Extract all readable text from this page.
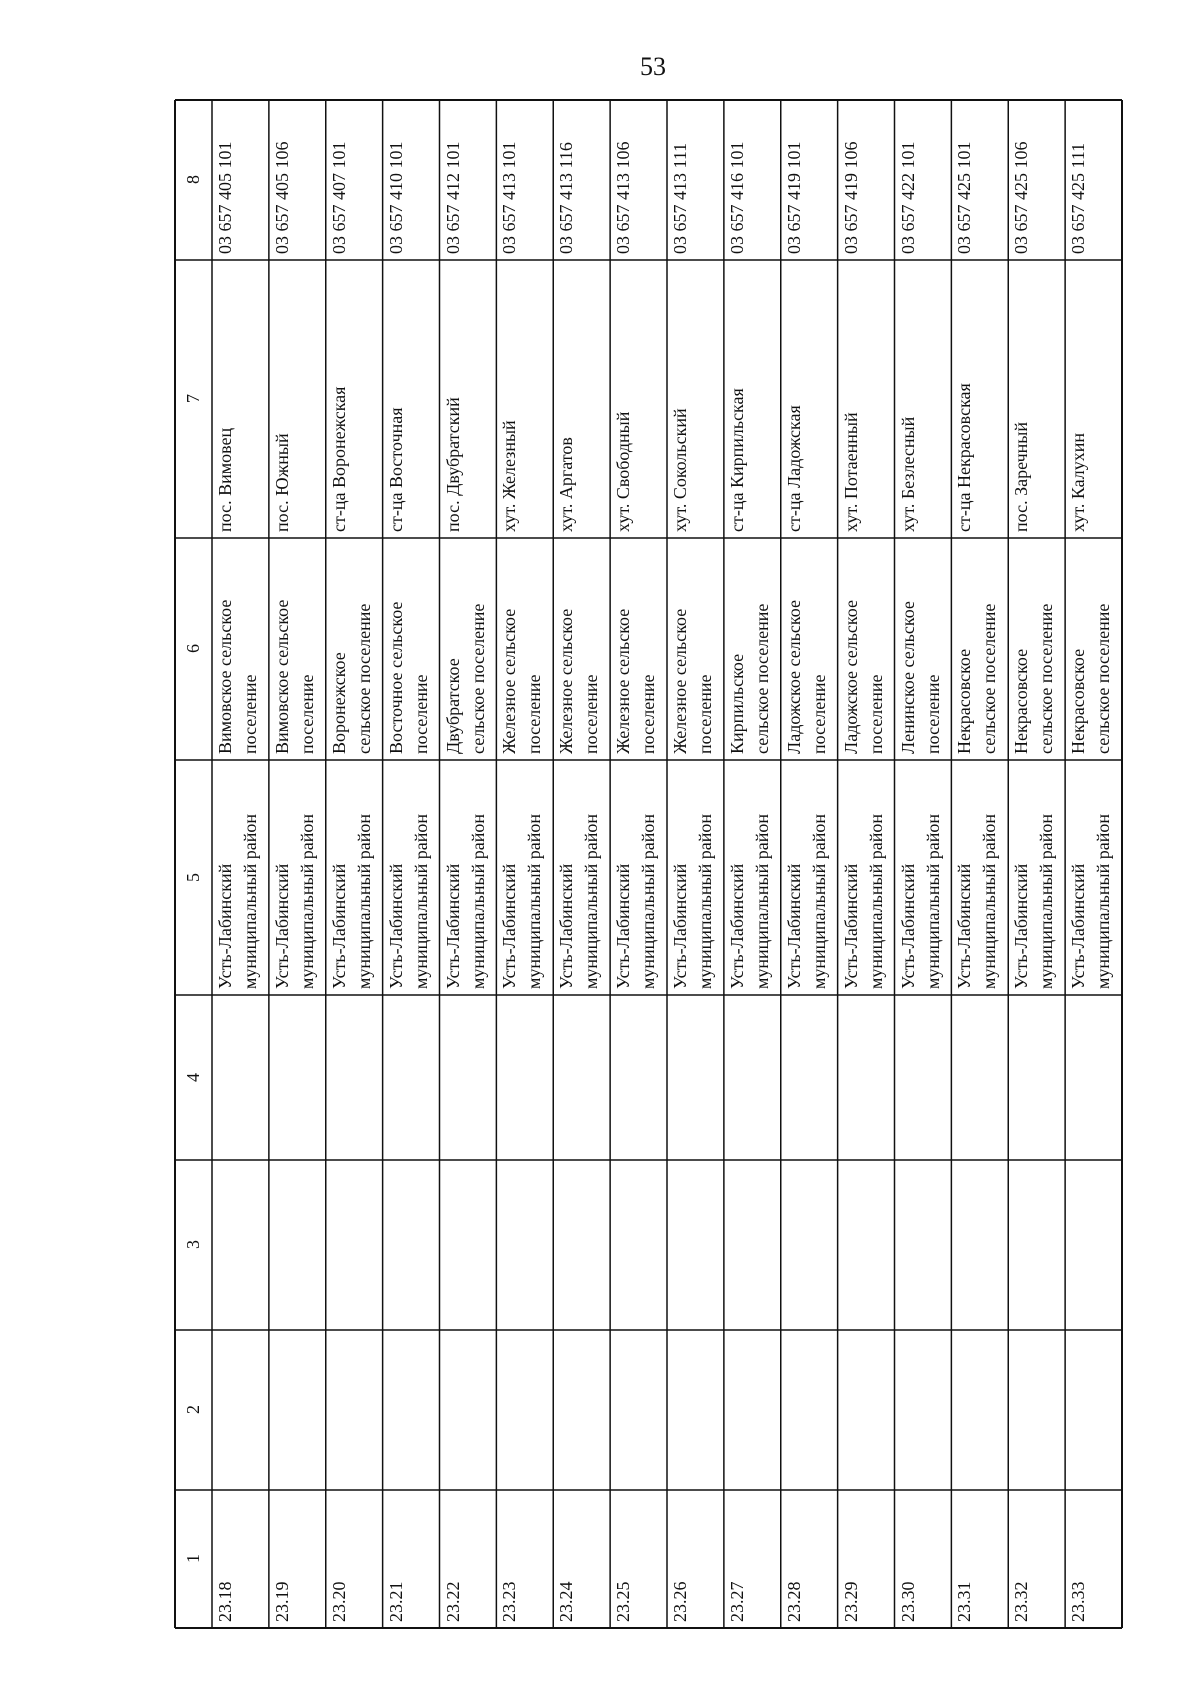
53
8
7
6
5
4
3
2
1
03 657 405 101
пос. Вимовец
Вимовское сельское поселение
Усть-Лабинский муниципальный район
23.18
03 657 405 106
пос. Южный
Вимовское сельское поселение
Усть-Лабинский муниципальный район
23.19
03 657 407 101
ст-ца Воронежская
Воронежское сельское поселение
Усть-Лабинский муниципальный район
23.20
03 657 410 101
ст-ца Восточная
Восточное сельское поселение
Усть-Лабинский муниципальный район
23.21
03 657 412 101
пос. Двубратский
Двубратское сельское поселение
Усть-Лабинский муниципальный район
23.22
03 657 413 101
хут. Железный
Железное сельское поселение
Усть-Лабинский муниципальный район
23.23
03 657 413 116
хут. Аргатов
Железное сельское поселение
Усть-Лабинский муниципальный район
23.24
03 657 413 106
хут. Свободный
Железное сельское поселение
Усть-Лабинский муниципальный район
23.25
03 657 413 111
хут. Сокольский
Железное сельское поселение
Усть-Лабинский муниципальный район
23.26
03 657 416 101
ст-ца Кирпильская
Кирпильское сельское поселение
Усть-Лабинский муниципальный район
23.27
03 657 419 101
ст-ца Ладожская
Ладожское сельское поселение
Усть-Лабинский муниципальный район
23.28
03 657 419 106
хут. Потаенный
Ладожское сельское поселение
Усть-Лабинский муниципальный район
23.29
03 657 422 101
хут. Безлесный
Ленинское сельское поселение
Усть-Лабинский муниципальный район
23.30
03 657 425 101
ст-ца Некрасовская
Некрасовское сельское поселение
Усть-Лабинский муниципальный район
23.31
03 657 425 106
пос. Заречный
Некрасовское сельское поселение
Усть-Лабинский муниципальный район
23.32
03 657 425 111
хут. Калухин
Некрасовское сельское поселение
Усть-Лабинский муниципальный район
23.33
